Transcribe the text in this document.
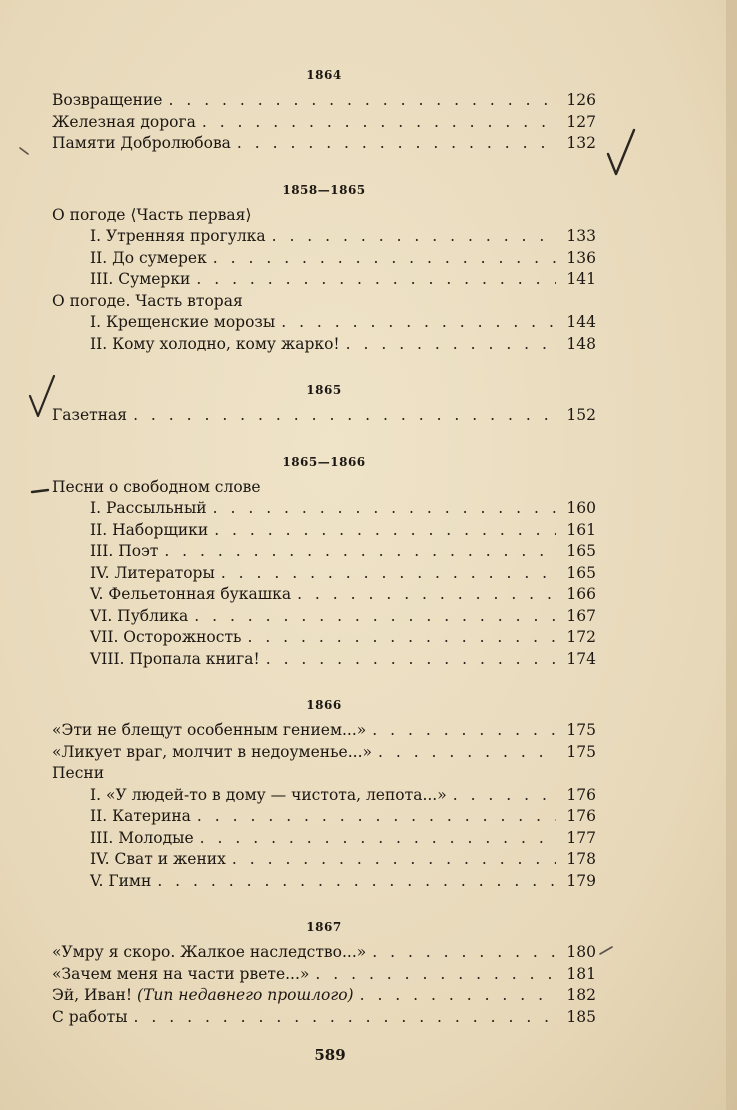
1864
Возвращение . . .	126
Железная дорога . . .	127
Памяти Добролюбова . . .	132
1858—1865
О погоде ⟨Часть первая⟩
I. Утренняя прогулка . . .	133
II. До сумерек . . .	136
III. Сумерки . . .	141
О погоде. Часть вторая
I. Крещенские морозы . . .	144
II. Кому холодно, кому жарко! . . .	148
1865
Газетная . . .	152
1865—1866
Песни о свободном слове
I. Рассыльный . . .	160
II. Наборщики . . .	161
III. Поэт . . .	165
IV. Литераторы . . .	165
V. Фельетонная букашка . . .	166
VI. Публика . . .	167
VII. Осторожность . . .	172
VIII. Пропала книга! . . .	174
1866
«Эти не блещут особенным гением...» . . .	175
«Ликует враг, молчит в недоуменье...» . . .	175
Песни
I. «У людей-то в дому — чистота, лепота...» . . .	176
II. Катерина . . .	176
III. Молодые . . .	177
IV. Сват и жених . . .	178
V. Гимн . . .	179
1867
«Умру я скоро. Жалкое наследство...» . . .	180
«Зачем меня на части рвете...» . . .	181
Эй, Иван! (Тип недавнего прошлого) . . .	182
С работы . . .	185
589
